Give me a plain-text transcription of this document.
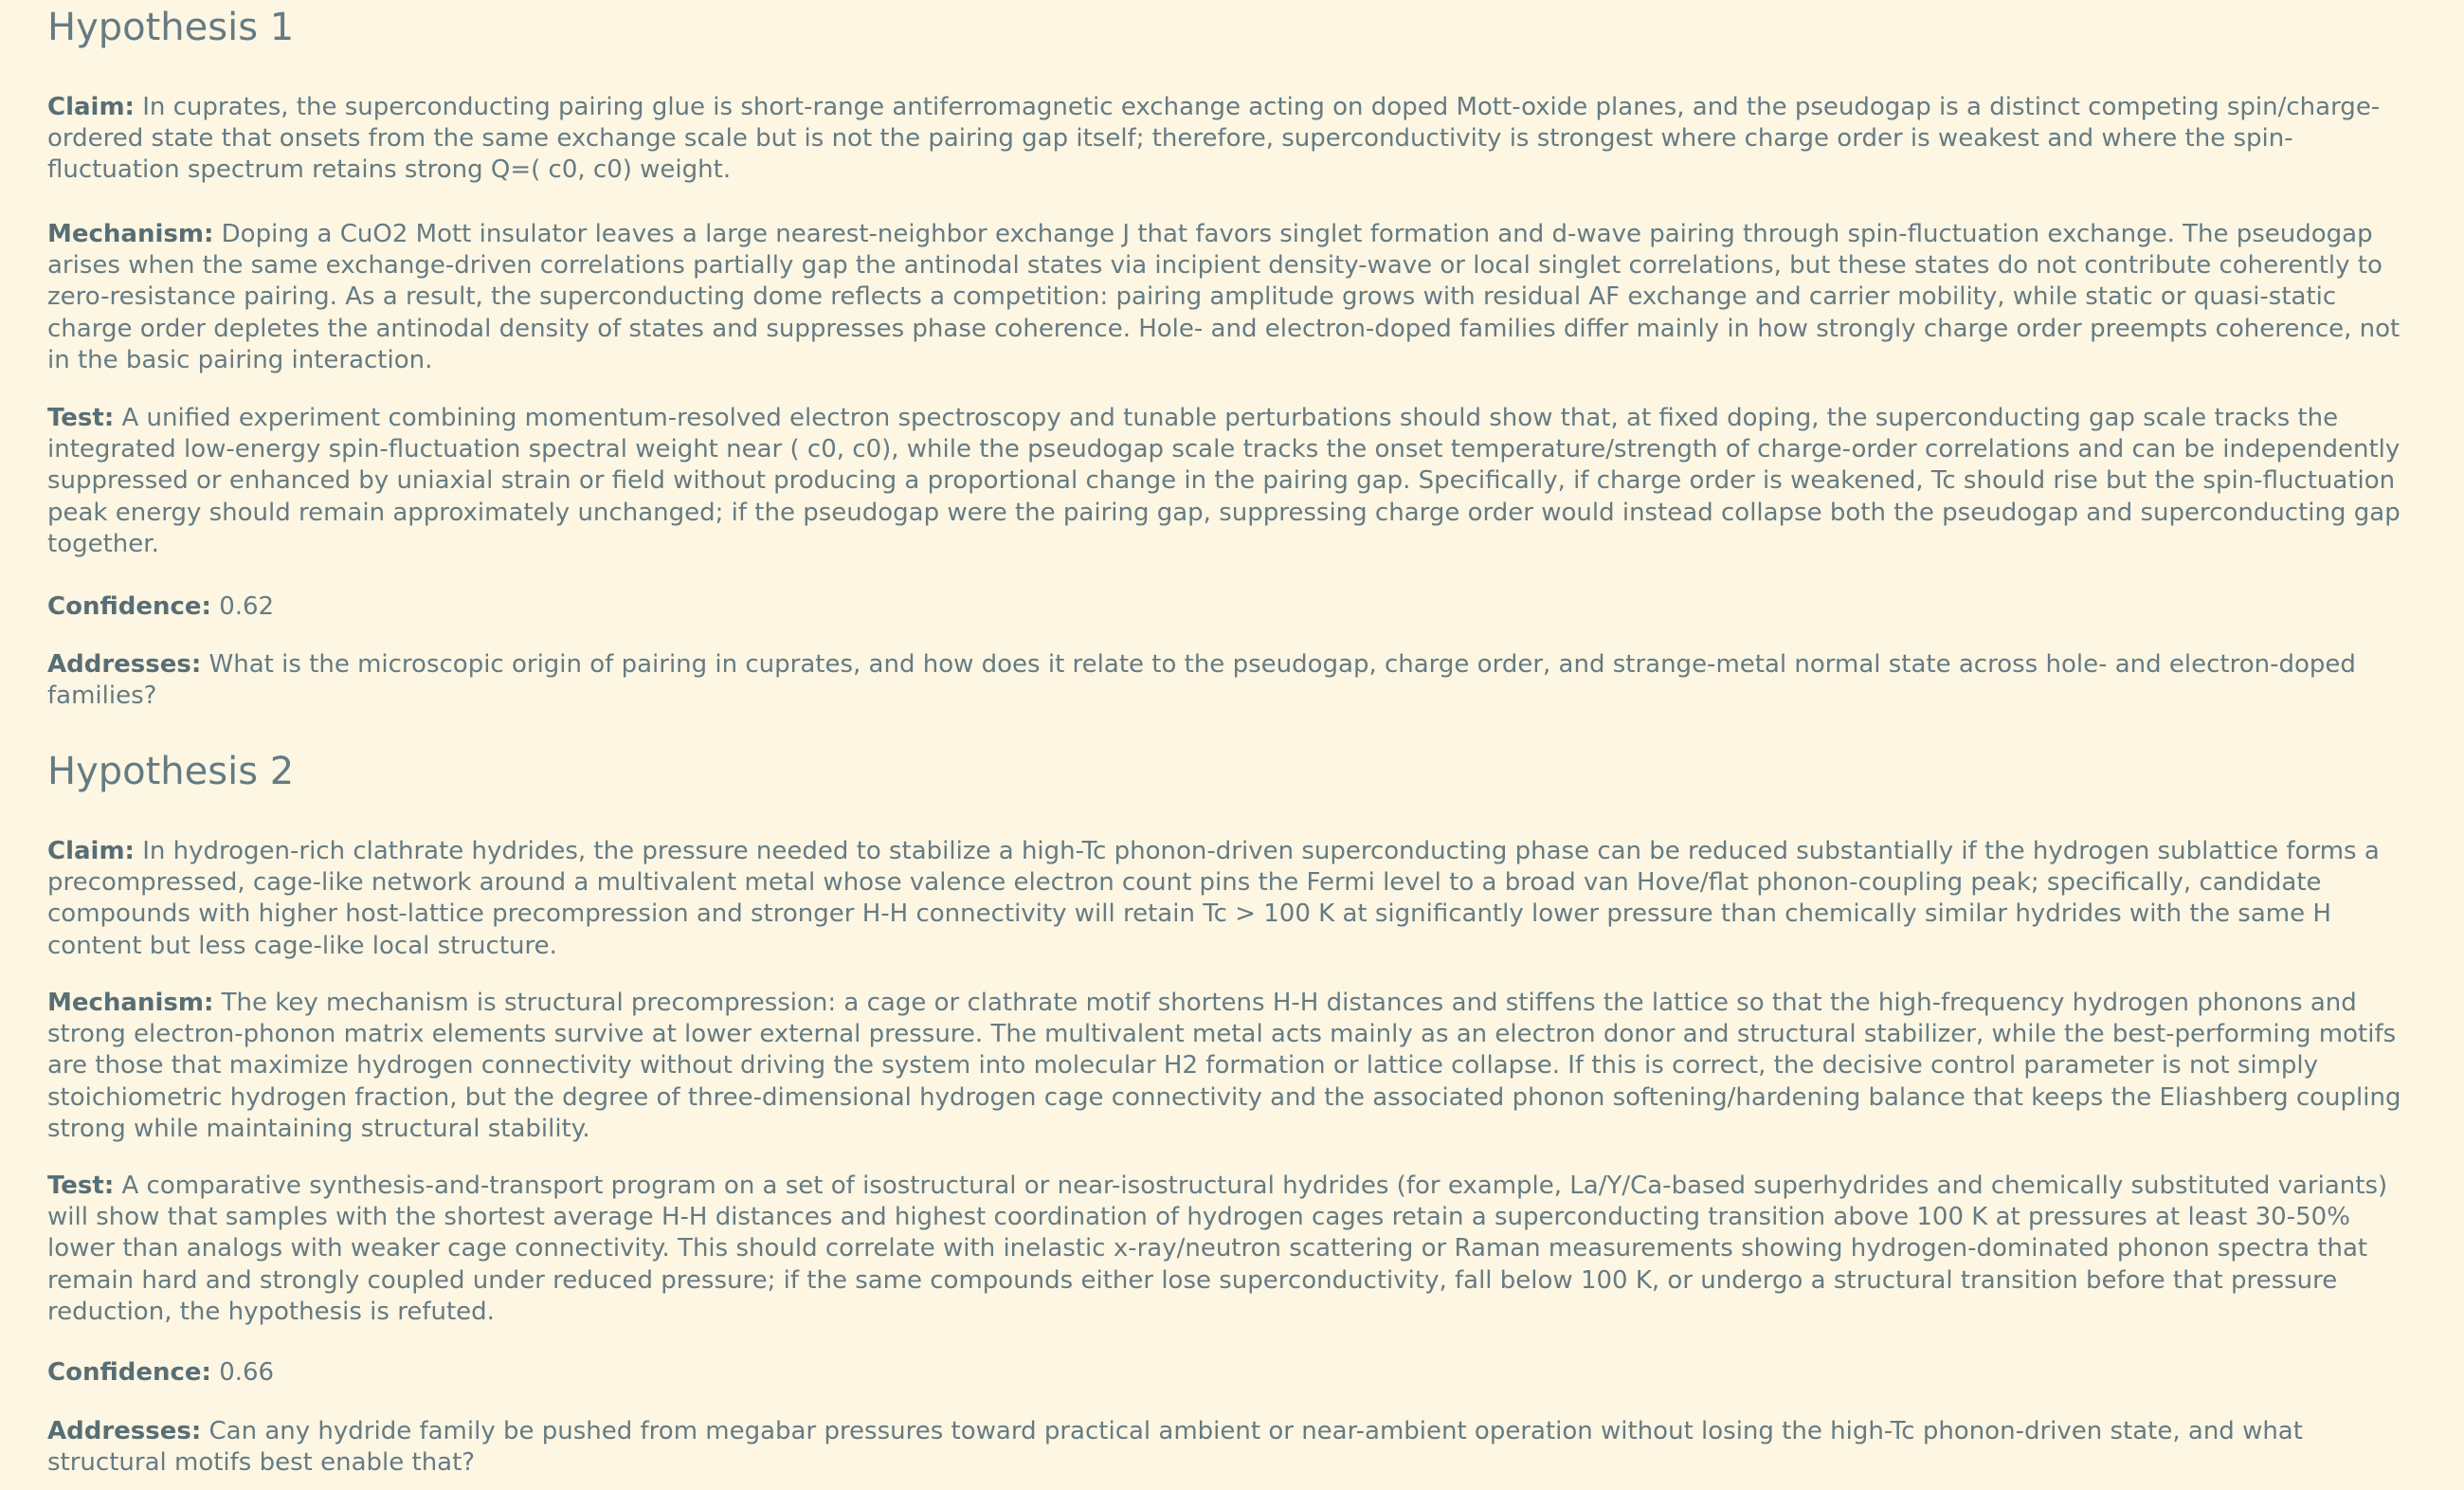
Hypothesis 1

Claim: In cuprates, the superconducting pairing glue is short-range antiferromagnetic exchange acting on doped Mott-oxide planes, and the pseudogap is a distinct competing spin/charge-
ordered state that onsets from the same exchange scale but is not the pairing gap itself; therefore, superconductivity is strongest where charge order is weakest and where the spin-
fluctuation spectrum retains strong Q=( c0, c0) weight.

Mechanism: Doping a CuO2 Mott insulator leaves a large nearest-neighbor exchange J that favors singlet formation and d-wave pairing through spin-fluctuation exchange. The pseudogap
arises when the same exchange-driven correlations partially gap the antinodal states via incipient density-wave or local singlet correlations, but these states do not contribute coherently to
zero-resistance pairing. As a result, the superconducting dome reflects a competition: pairing amplitude grows with residual AF exchange and carrier mobility, while static or quasi-static
charge order depletes the antinodal density of states and suppresses phase coherence. Hole- and electron-doped families differ mainly in how strongly charge order preempts coherence, not
in the basic pairing interaction.

Test: A unified experiment combining momentum-resolved electron spectroscopy and tunable perturbations should show that, at fixed doping, the superconducting gap scale tracks the
integrated low-energy spin-fluctuation spectral weight near ( c0, c0), while the pseudogap scale tracks the onset temperature/strength of charge-order correlations and can be independently
suppressed or enhanced by uniaxial strain or field without producing a proportional change in the pairing gap. Specifically, if charge order is weakened, Tc should rise but the spin-fluctuation
peak energy should remain approximately unchanged; if the pseudogap were the pairing gap, suppressing charge order would instead collapse both the pseudogap and superconducting gap
together.

Confidence: 0.62

Addresses: What is the microscopic origin of pairing in cuprates, and how does it relate to the pseudogap, charge order, and strange-metal normal state across hole- and electron-doped
families?

Hypothesis 2

Claim: In hydrogen-rich clathrate hydrides, the pressure needed to stabilize a high-Tc phonon-driven superconducting phase can be reduced substantially if the hydrogen sublattice forms a
precompressed, cage-like network around a multivalent metal whose valence electron count pins the Fermi level to a broad van Hove/flat phonon-coupling peak; specifically, candidate
compounds with higher host-lattice precompression and stronger H-H connectivity will retain Tc > 100 K at significantly lower pressure than chemically similar hydrides with the same H
content but less cage-like local structure.

Mechanism: The key mechanism is structural precompression: a cage or clathrate motif shortens H-H distances and stiffens the lattice so that the high-frequency hydrogen phonons and
strong electron-phonon matrix elements survive at lower external pressure. The multivalent metal acts mainly as an electron donor and structural stabilizer, while the best-performing motifs
are those that maximize hydrogen connectivity without driving the system into molecular H2 formation or lattice collapse. If this is correct, the decisive control parameter is not simply
stoichiometric hydrogen fraction, but the degree of three-dimensional hydrogen cage connectivity and the associated phonon softening/hardening balance that keeps the Eliashberg coupling
strong while maintaining structural stability.

Test: A comparative synthesis-and-transport program on a set of isostructural or near-isostructural hydrides (for example, La/Y/Ca-based superhydrides and chemically substituted variants)
will show that samples with the shortest average H-H distances and highest coordination of hydrogen cages retain a superconducting transition above 100 K at pressures at least 30-50%
lower than analogs with weaker cage connectivity. This should correlate with inelastic x-ray/neutron scattering or Raman measurements showing hydrogen-dominated phonon spectra that
remain hard and strongly coupled under reduced pressure; if the same compounds either lose superconductivity, fall below 100 K, or undergo a structural transition before that pressure
reduction, the hypothesis is refuted.

Confidence: 0.66

Addresses: Can any hydride family be pushed from megabar pressures toward practical ambient or near-ambient operation without losing the high-Tc phonon-driven state, and what
structural motifs best enable that?
